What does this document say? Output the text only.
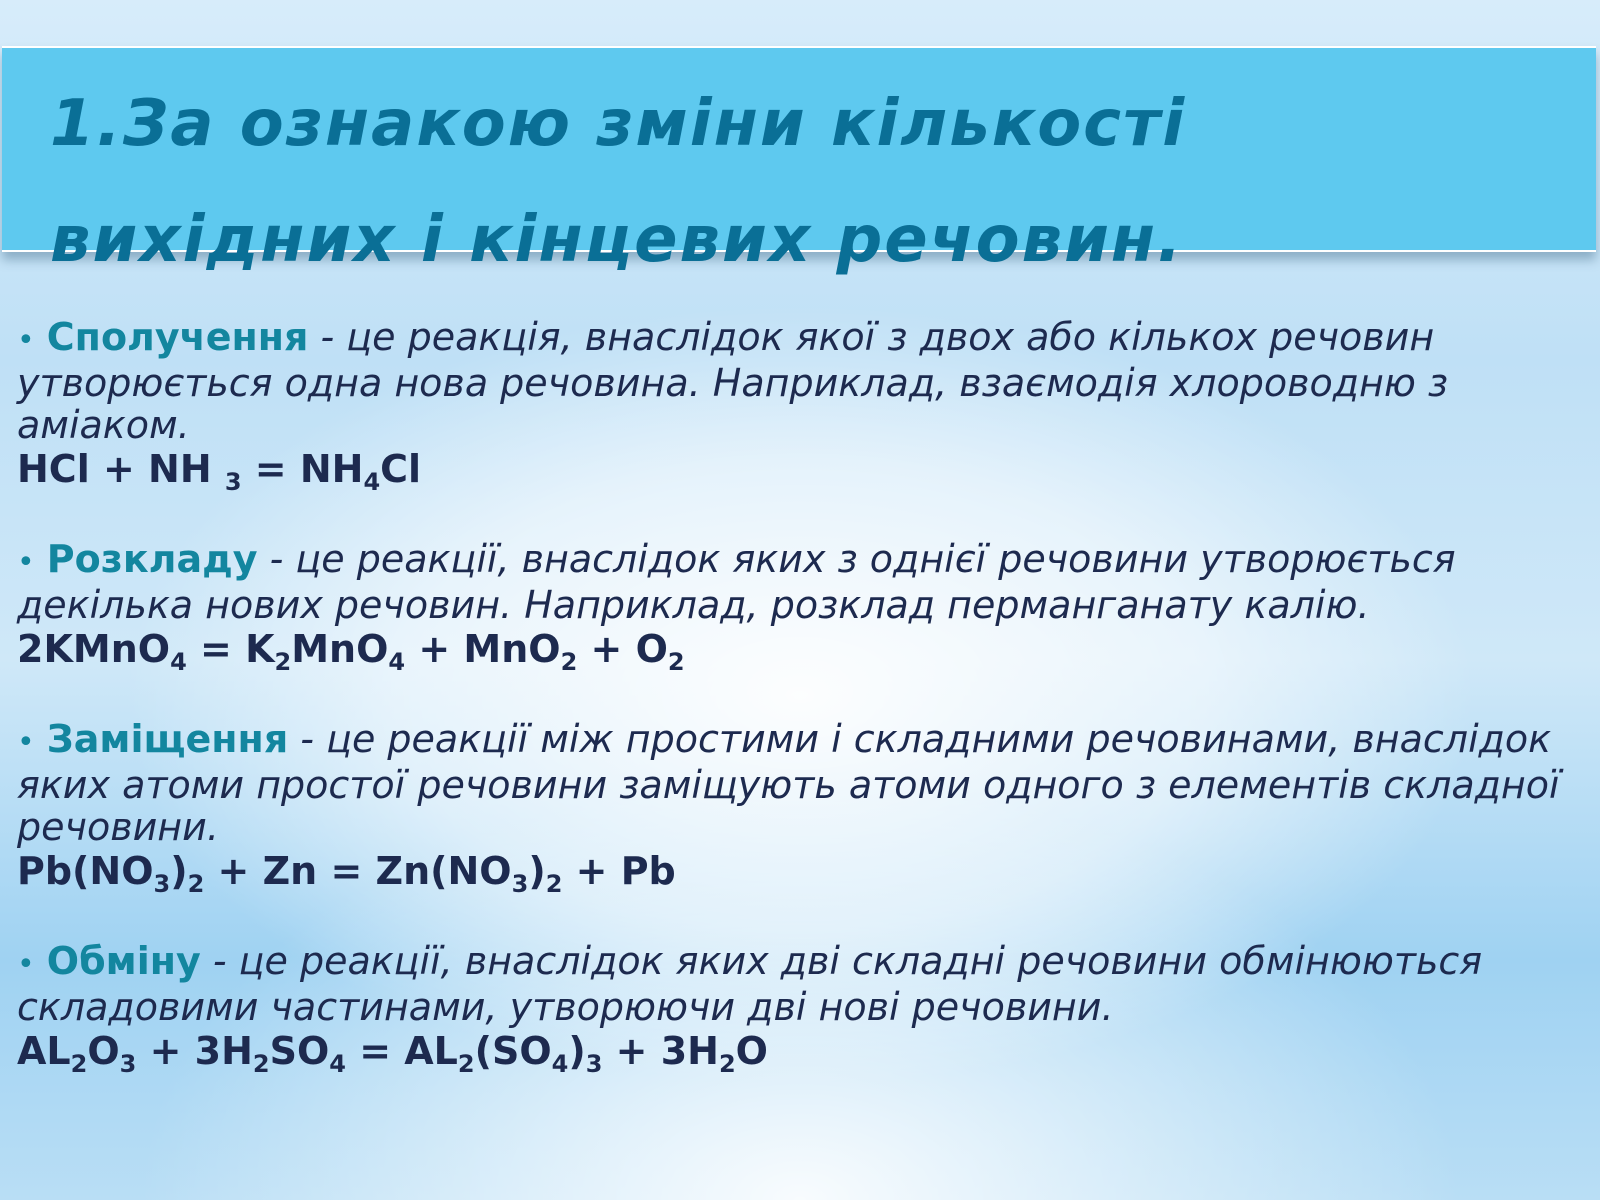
1.За ознакою зміни кількості вихідних і кінцевих речовин.

• Сполучення - це реакція, внаслідок якої з двох або кількох речовин утворюється одна нова речовина. Наприклад, взаємодія хлороводню з аміаком.

HCl + NH $_3 = NH_4Cl$

• Розкладу - це реакції, внаслідок яких з однієї речовини утворюється декілька нових речовин. Наприклад, розклад перманганату калію.

2KMnO$_4$ = $K_2MnO_4 + MnO_2 + O_2$

• Заміщення - це реакції між простими і складними речовинами, внаслідок яких атоми простої речовини заміщують атоми одного з елементів складної речовини.

$Pb(NO_3)_2 + Zn = Zn(NO_3)_2 + Pb$

• Обміну - це реакції, внаслідок яких дві складні речовини обмінюються складовими частинами, утворюючи дві нові речовини.

$AL_2O_3 + 3H_2SO_4 = AL_2(SO_4)_3 + 3H_2O$
